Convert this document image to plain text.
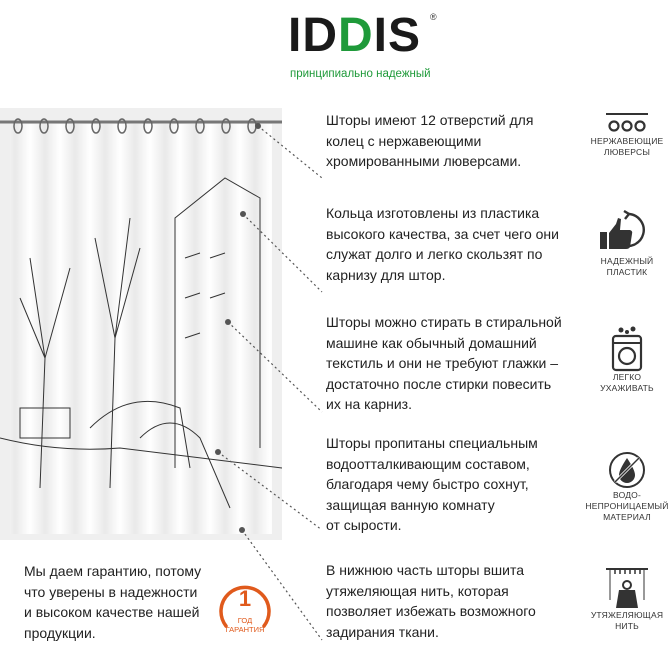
IDDIS ®
принципиально надежный

Шторы имеют 12 отверстий для

колец с нержавеющими

хромированными люверсами.

НЕРЖАВЕЮЩИЕ
ЛЮВЕРСЫ

Кольца изготовлены из пластика

высокого качества, за счет чего они

служат долго и легко скользят по

карнизу для штор.

НАДЕЖНЫЙ
ПЛАСТИК

Шторы можно стирать в стиральной

машине как обычный домашний

текстиль и они не требуют глажки –

достаточно после стирки повесить

их на карниз.

ЛЕГКО
УХАЖИВАТЬ

Шторы пропитаны специальным

водоотталкивающим составом,

благодаря чему быстро сохнут,

защищая ванную комнату

от сырости.

ВОДО-
НЕПРОНИЦАЕМЫЙ
МАТЕРИАЛ

В нижнюю часть шторы вшита

утяжеляющая нить, которая

позволяет избежать возможного

задирания ткани.

УТЯЖЕЛЯЮЩАЯ
НИТЬ

Мы даем гарантию, потому

что уверены в надежности

и высоком качестве нашей

продукции.

1
ГОД
ГАРАНТИЯ
